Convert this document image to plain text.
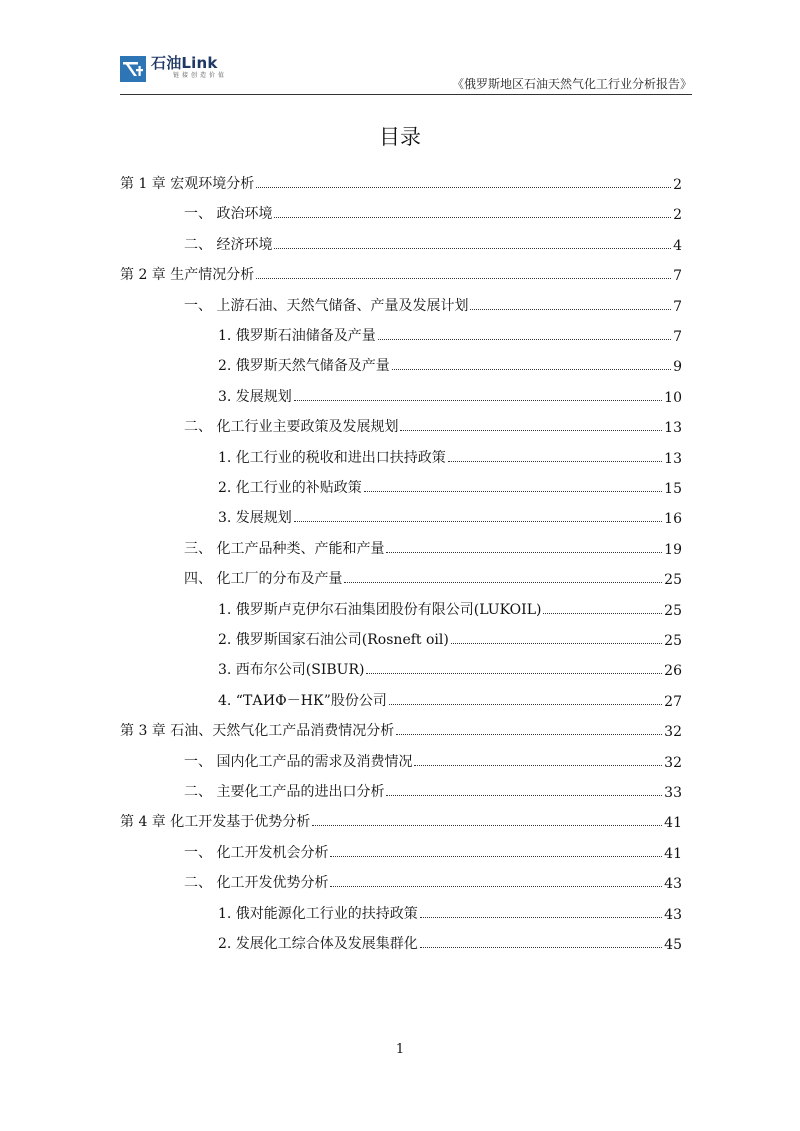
石油Link
链接创造价值
《俄罗斯地区石油天然气化工行业分析报告》
目录
第 1 章 宏观环境分析	2
一、 政治环境	2
二、 经济环境	4
第 2 章 生产情况分析	7
一、 上游石油、天然气储备、产量及发展计划	7
1. 俄罗斯石油储备及产量	7
2. 俄罗斯天然气储备及产量	9
3. 发展规划	10
二、 化工行业主要政策及发展规划	13
1. 化工行业的税收和进出口扶持政策	13
2. 化工行业的补贴政策	15
3. 发展规划	16
三、 化工产品种类、产能和产量	19
四、 化工厂的分布及产量	25
1. 俄罗斯卢克伊尔石油集团股份有限公司(LUKOIL)	25
2. 俄罗斯国家石油公司(Rosneft oil)	25
3. 西布尔公司(SIBUR)	26
4. “ТАИФ－НК”股份公司	27
第 3 章 石油、天然气化工产品消费情况分析	32
一、 国内化工产品的需求及消费情况	32
二、 主要化工产品的进出口分析	33
第 4 章 化工开发基于优势分析	41
一、 化工开发机会分析	41
二、 化工开发优势分析	43
1. 俄对能源化工行业的扶持政策	43
2. 发展化工综合体及发展集群化	45
1
